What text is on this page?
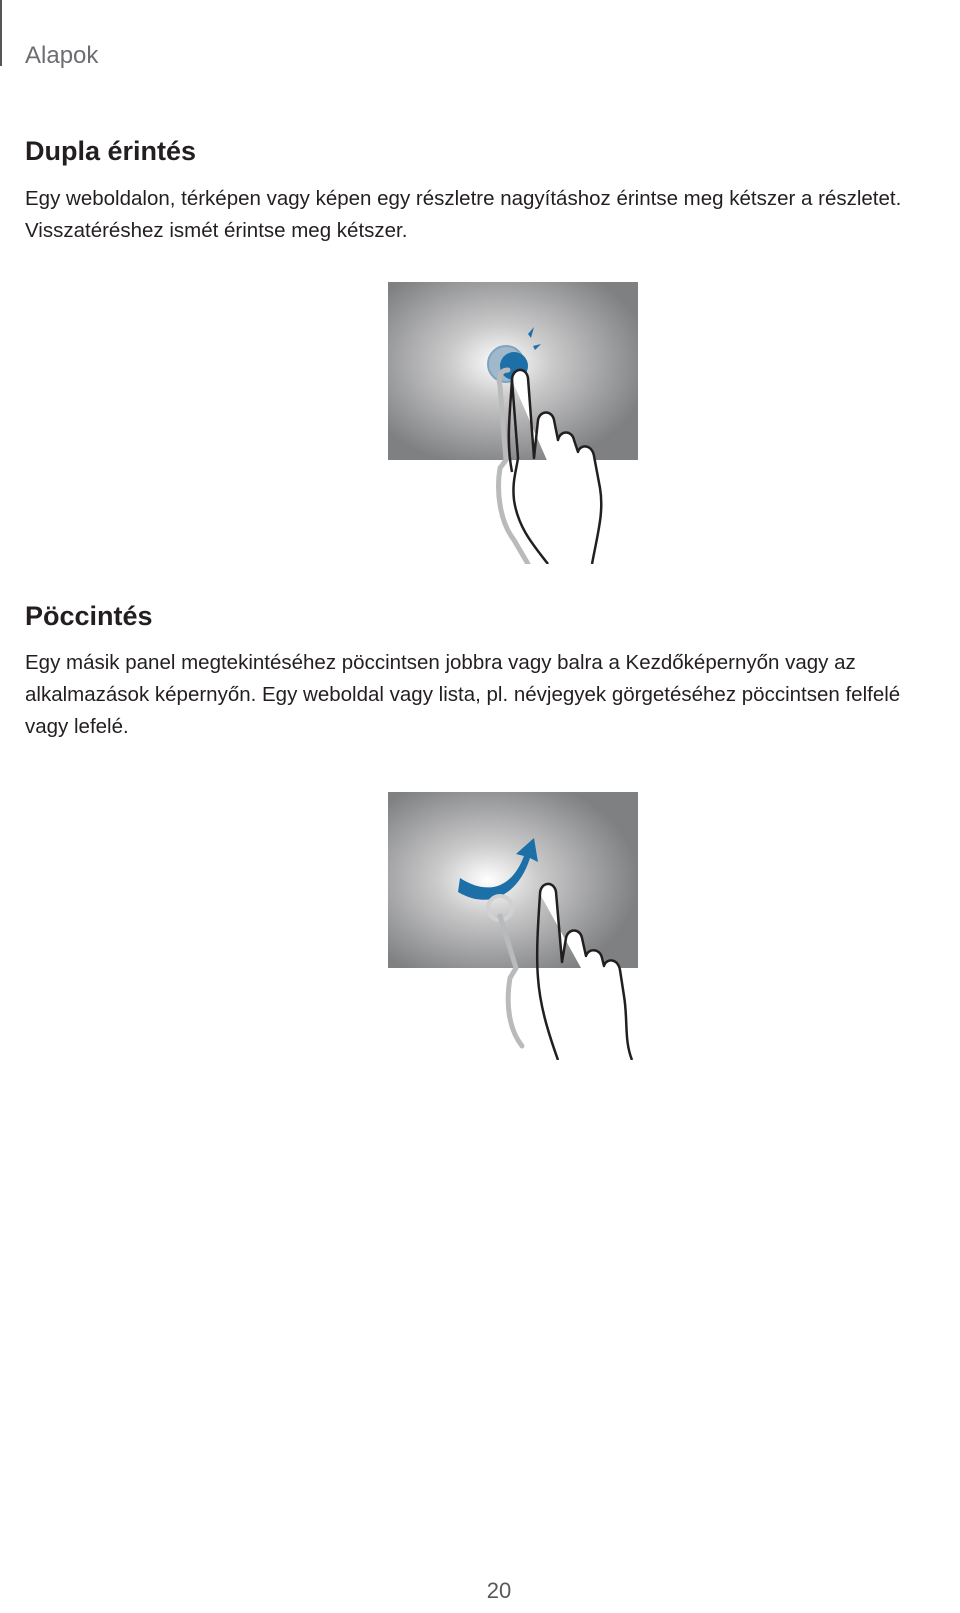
Alapok
Dupla érintés
Egy weboldalon, térképen vagy képen egy részletre nagyításhoz érintse meg kétszer a részletet.
Visszatéréshez ismét érintse meg kétszer.
Pöccintés
Egy másik panel megtekintéséhez pöccintsen jobbra vagy balra a Kezdőképernyőn vagy az
alkalmazások képernyőn. Egy weboldal vagy lista, pl. névjegyek görgetéséhez pöccintsen felfelé
vagy lefelé.
20
